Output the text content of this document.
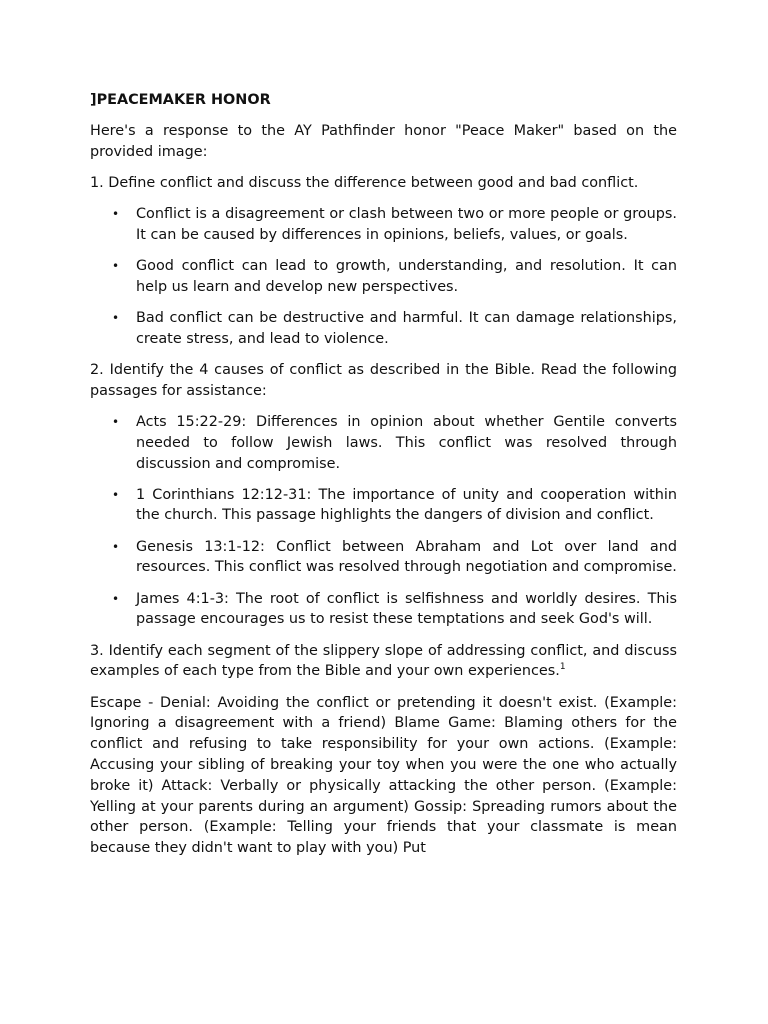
]PEACEMAKER HONOR

Here's a response to the AY Pathfinder honor "Peace Maker" based on the provided image:

1. Define conflict and discuss the difference between good and bad conflict.

• Conflict is a disagreement or clash between two or more people or groups. It can be caused by differences in opinions, beliefs, values, or goals.
• Good conflict can lead to growth, understanding, and resolution. It can help us learn and develop new perspectives.
• Bad conflict can be destructive and harmful. It can damage relationships, create stress, and lead to violence.

2. Identify the 4 causes of conflict as described in the Bible. Read the following passages for assistance:

• Acts 15:22-29: Differences in opinion about whether Gentile converts needed to follow Jewish laws. This conflict was resolved through discussion and compromise.
• 1 Corinthians 12:12-31: The importance of unity and cooperation within the church. This passage highlights the dangers of division and conflict.
• Genesis 13:1-12: Conflict between Abraham and Lot over land and resources. This conflict was resolved through negotiation and compromise.
• James 4:1-3: The root of conflict is selfishness and worldly desires. This passage encourages us to resist these temptations and seek God's will.

3. Identify each segment of the slippery slope of addressing conflict, and discuss examples of each type from the Bible and your own experiences.$^1$

Escape - Denial: Avoiding the conflict or pretending it doesn't exist. (Example: Ignoring a disagreement with a friend) Blame Game: Blaming others for the conflict and refusing to take responsibility for your own actions. (Example: Accusing your sibling of breaking your toy when you were the one who actually broke it) Attack: Verbally or physically attacking the other person. (Example: Yelling at your parents during an argument) Gossip: Spreading rumors about the other person. (Example: Telling your friends that your classmate is mean because they didn't want to play with you) Put
